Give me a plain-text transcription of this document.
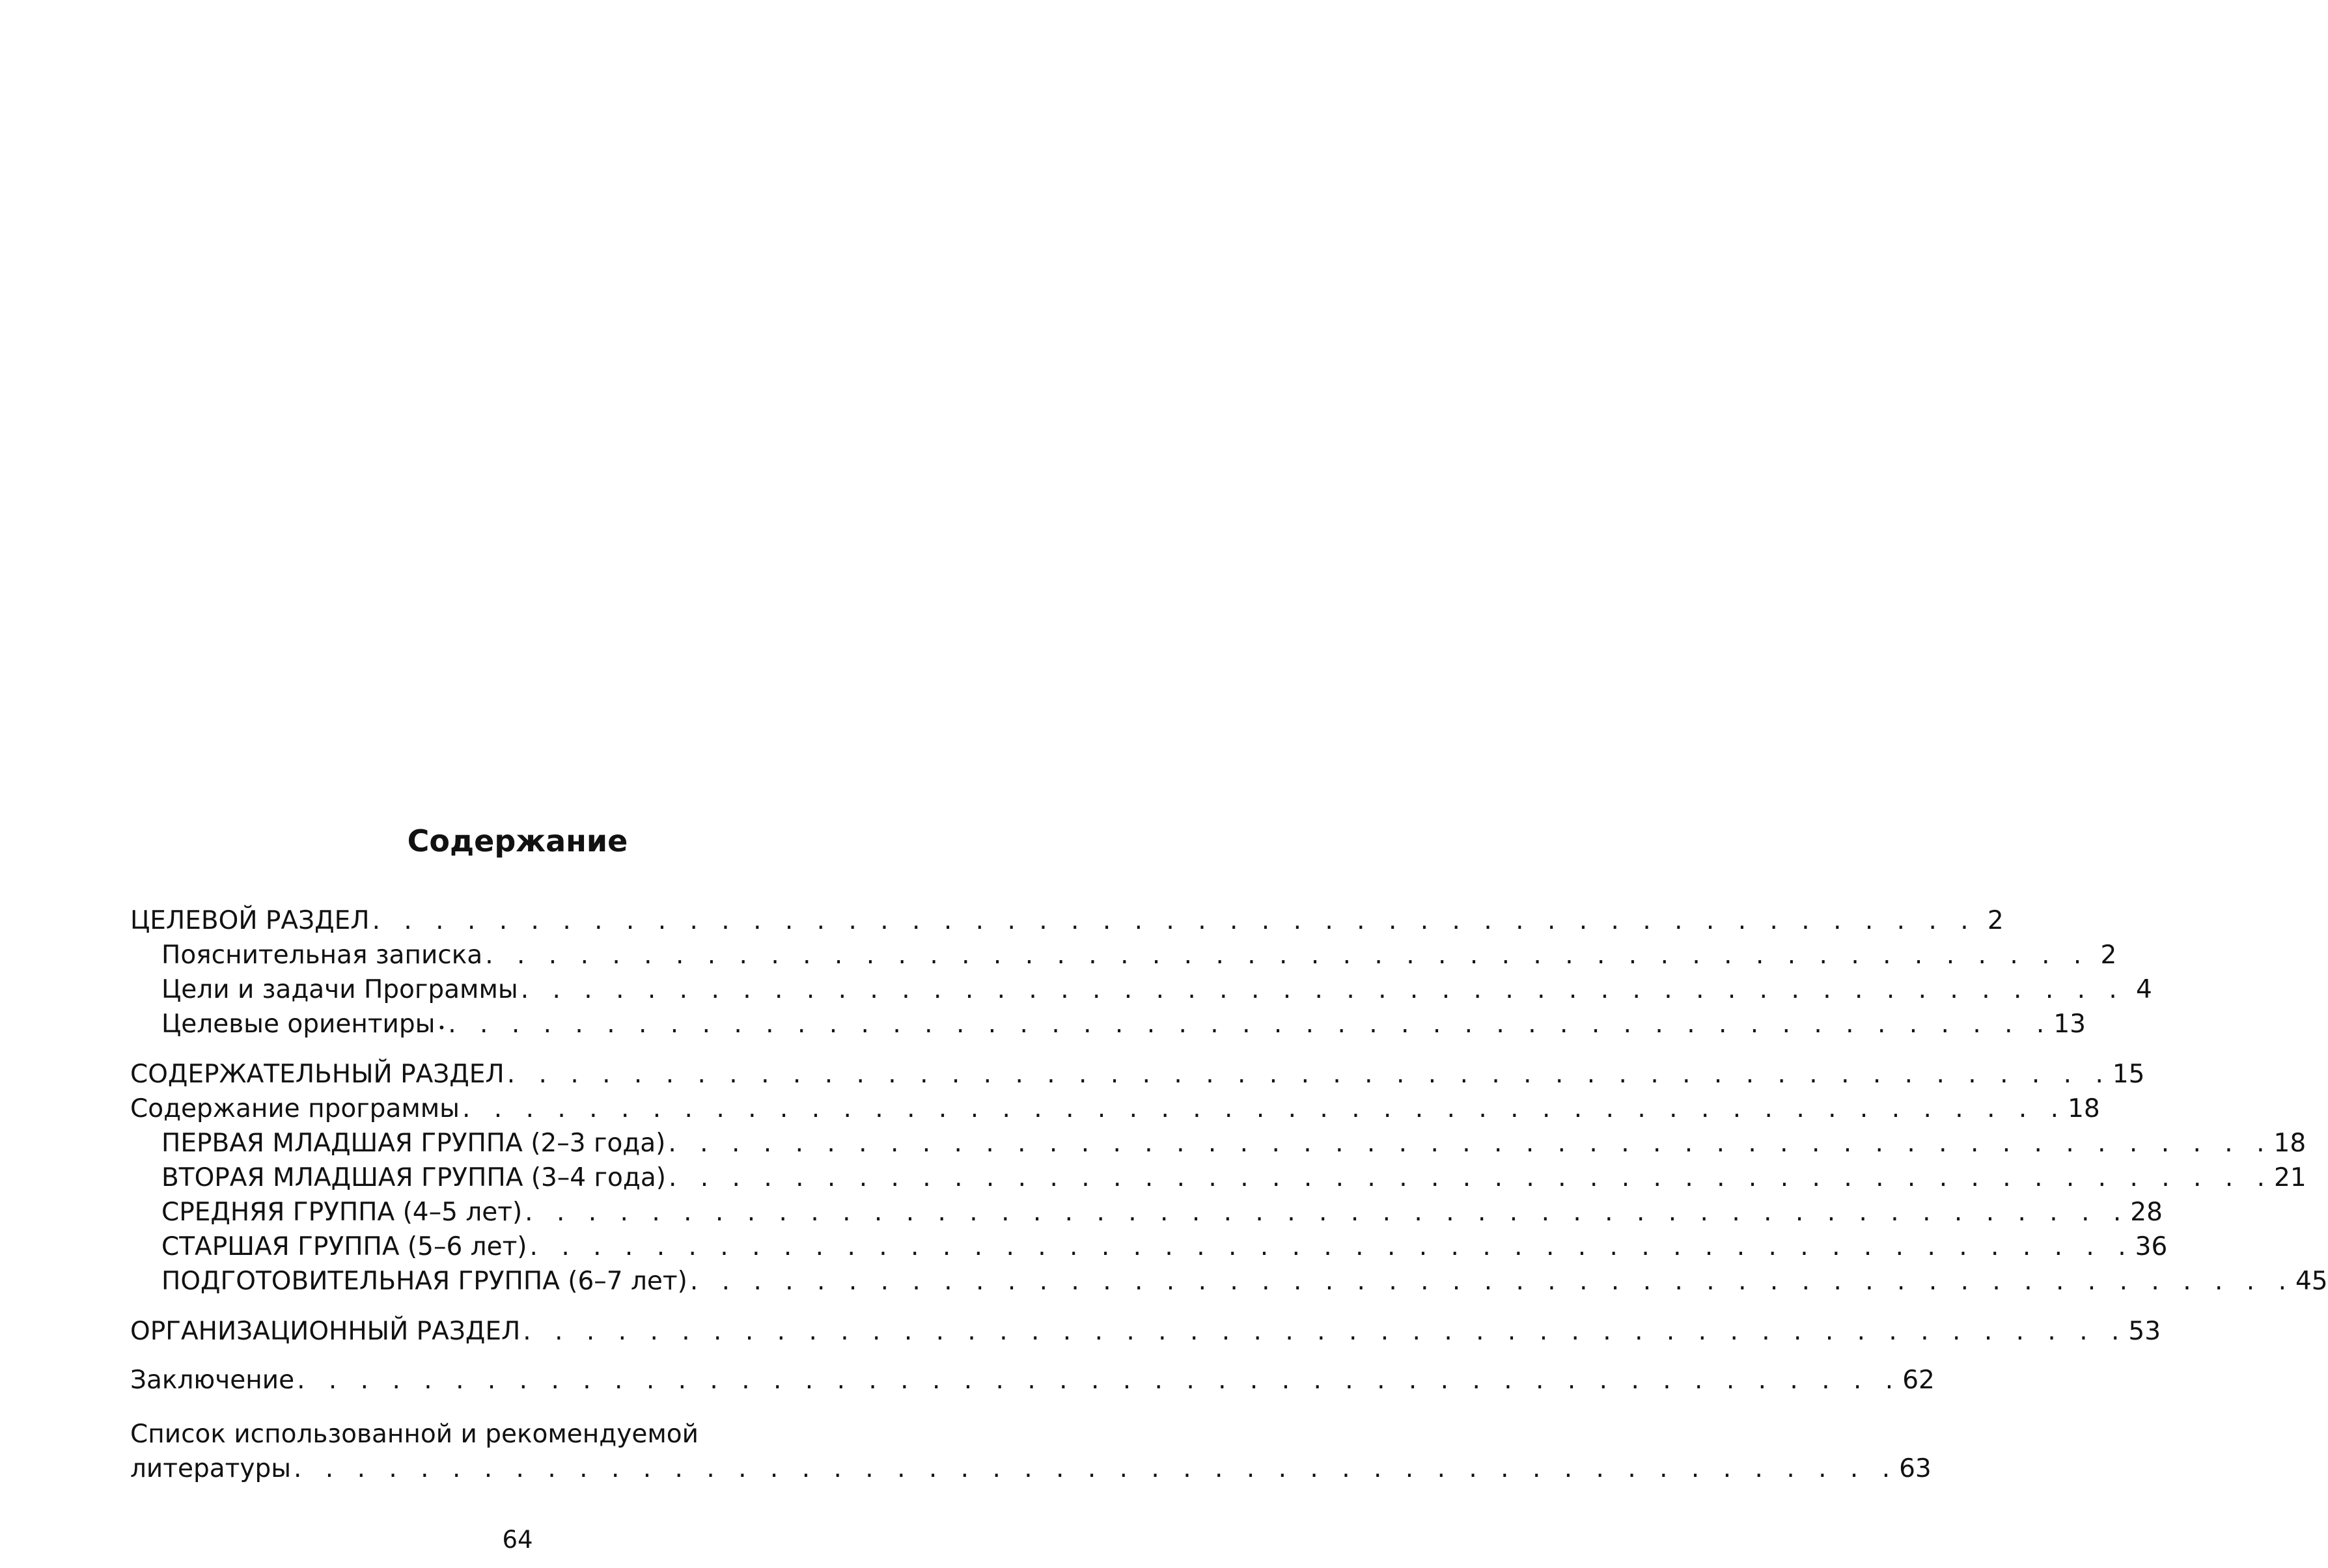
Содержание
ЦЕЛЕВОЙ РАЗДЕЛ . . . . . . . . . . . . . . . . . . . . . . . . . . . . . . . . . . . . . . . . . . . . . . . . . . . 2
Пояснительная записка . . . . . . . . . . . . . . . . . . . . . . . . . . . . . . . . . . . . . . . . . . . . . . . . . . . 2
Цели и задачи Программы . . . . . . . . . . . . . . . . . . . . . . . . . . . . . . . . . . . . . . . . . . . . . . . . . . . 4
Целевые ориентиры • . . . . . . . . . . . . . . . . . . . . . . . . . . . . . . . . . . . . . . . . . . . . . . . . . . . 13
СОДЕРЖАТЕЛЬНЫЙ РАЗДЕЛ . . . . . . . . . . . . . . . . . . . . . . . . . . . . . . . . . . . . . . . . . . . . . . . . . . . 15
Содержание программы . . . . . . . . . . . . . . . . . . . . . . . . . . . . . . . . . . . . . . . . . . . . . . . . . . . 18
ПЕРВАЯ МЛАДШАЯ ГРУППА (2–3 года) . . . . . . . . . . . . . . . . . . . . . . . . . . . . . . . . . . . . . . . . . . . . . . . . . . . 18
ВТОРАЯ МЛАДШАЯ ГРУППА (3–4 года) . . . . . . . . . . . . . . . . . . . . . . . . . . . . . . . . . . . . . . . . . . . . . . . . . . . 21
СРЕДНЯЯ ГРУППА (4–5 лет) . . . . . . . . . . . . . . . . . . . . . . . . . . . . . . . . . . . . . . . . . . . . . . . . . . . 28
СТАРШАЯ ГРУППА (5–6 лет) . . . . . . . . . . . . . . . . . . . . . . . . . . . . . . . . . . . . . . . . . . . . . . . . . . . 36
ПОДГОТОВИТЕЛЬНАЯ ГРУППА (6–7 лет) . . . . . . . . . . . . . . . . . . . . . . . . . . . . . . . . . . . . . . . . . . . . . . . . . . . 45
ОРГАНИЗАЦИОННЫЙ РАЗДЕЛ . . . . . . . . . . . . . . . . . . . . . . . . . . . . . . . . . . . . . . . . . . . . . . . . . . . 53
Заключение . . . . . . . . . . . . . . . . . . . . . . . . . . . . . . . . . . . . . . . . . . . . . . . . . . . 62
Список использованной и рекомендуемой
литературы . . . . . . . . . . . . . . . . . . . . . . . . . . . . . . . . . . . . . . . . . . . . . . . . . . . 63
64
